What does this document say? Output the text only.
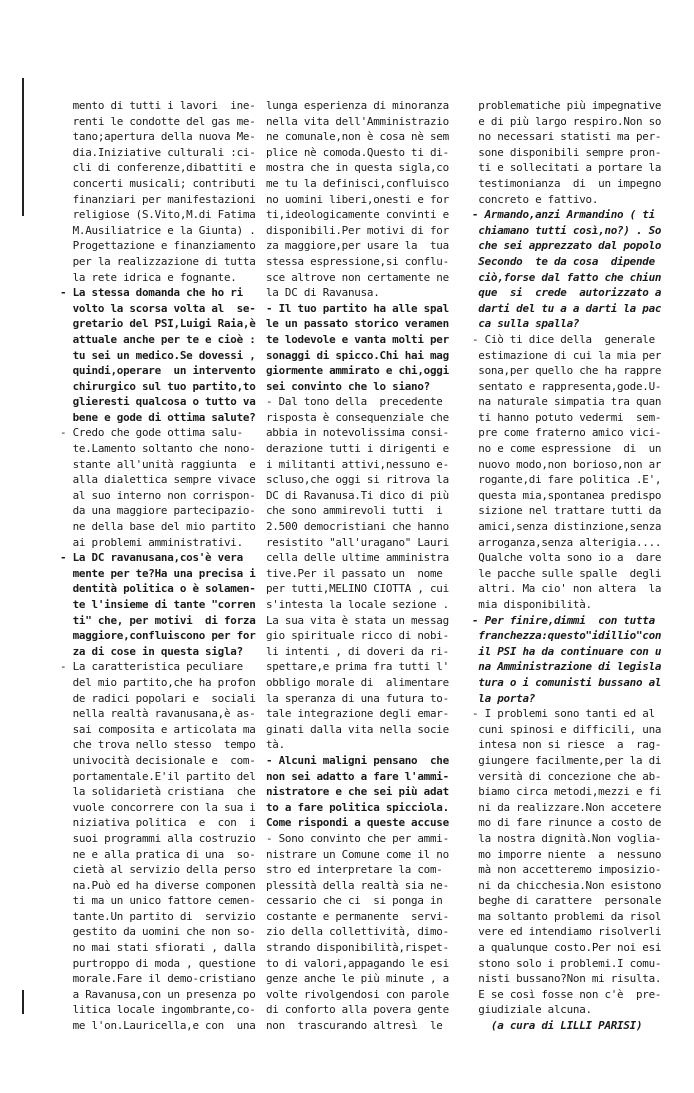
mento di tutti i lavori  ine-
renti le condotte del gas me-
tano;apertura della nuova Me-
dia.Iniziative culturali :ci-
cli di conferenze,dibattiti e
concerti musicali; contributi
finanziari per manifestazioni
religiose (S.Vito,M.di Fatima
M.Ausiliatrice e la Giunta) .
Progettazione e finanziamento
per la realizzazione di tutta
la rete idrica e fognante.
- La stessa domanda che ho ri
volto la scorsa volta al  se-
gretario del PSI,Luigi Raia,è
attuale anche per te e cioè :
tu sei un medico.Se dovessi ,
quindi,operare  un intervento
chirurgico sul tuo partito,to
glieresti qualcosa o tutto va
bene e gode di ottima salute?
- Credo che gode ottima salu-
te.Lamento soltanto che nono-
stante all'unità raggiunta  e
alla dialettica sempre vivace
al suo interno non corrispon-
da una maggiore partecipazio-
ne della base del mio partito
ai problemi amministrativi.
- La DC ravanusana,cos'è vera
mente per te?Ha una precisa i
dentità politica o è solamen-
te l'insieme di tante "corren
ti" che, per motivi  di forza
maggiore,confluiscono per for
za di cose in questa sigla?
- La caratteristica peculiare
del mio partito,che ha profon
de radici popolari e  sociali
nella realtà ravanusana,è as-
sai composita e articolata ma
che trova nello stesso  tempo
univocità decisionale e  com-
portamentale.E'il partito del
la solidarietà cristiana  che
vuole concorrere con la sua i
niziativa politica  e  con  i
suoi programmi alla costruzio
ne e alla pratica di una  so-
cietà al servizio della perso
na.Può ed ha diverse componen
ti ma un unico fattore cemen-
tante.Un partito di  servizio
gestito da uomini che non so-
no mai stati sfiorati , dalla
purtroppo di moda , questione
morale.Fare il demo-cristiano
a Ravanusa,con un presenza po
litica locale ingombrante,co-
me l'on.Lauricella,e con  una
lunga esperienza di minoranza
nella vita dell'Amministrazio
ne comunale,non è cosa nè sem
plice nè comoda.Questo ti di-
mostra che in questa sigla,co
me tu la definisci,confluisco
no uomini liberi,onesti e for
ti,ideologicamente convinti e
disponibili.Per motivi di for
za maggiore,per usare la  tua
stessa espressione,si conflu-
sce altrove non certamente ne
la DC di Ravanusa.
- Il tuo partito ha alle spal
le un passato storico veramen
te lodevole e vanta molti per
sonaggi di spicco.Chi hai mag
giormente ammirato e chi,oggi
sei convinto che lo siano?
- Dal tono della  precedente
risposta è consequenziale che
abbia in notevolissima consi-
derazione tutti i dirigenti e
i militanti attivi,nessuno e-
scluso,che oggi si ritrova la
DC di Ravanusa.Ti dico di più
che sono ammirevoli tutti  i
2.500 democristiani che hanno
resistito "all'uragano" Lauri
cella delle ultime amministra
tive.Per il passato un  nome
per tutti,MELINO CIOTTA , cui
s'intesta la locale sezione .
La sua vita è stata un messag
gio spirituale ricco di nobi-
li intenti , di doveri da ri-
spettare,e prima fra tutti l'
obbligo morale di  alimentare
la speranza di una futura to-
tale integrazione degli emar-
ginati dalla vita nella socie
tà.
- Alcuni maligni pensano  che
non sei adatto a fare l'ammi-
nistratore e che sei più adat
to a fare politica spicciola.
Come rispondi a queste accuse
- Sono convinto che per ammi-
nistrare un Comune come il no
stro ed interpretare la com-
plessità della realtà sia ne-
cessario che ci  si ponga in
costante e permanente  servi-
zio della collettività, dimo-
strando disponibilità,rispet-
to di valori,appagando le esi
genze anche le più minute , a
volte rivolgendosi con parole
di conforto alla povera gente
non  trascurando altresì  le
problematiche più impegnative
e di più largo respiro.Non so
no necessari statisti ma per-
sone disponibili sempre pron-
ti e sollecitati a portare la
testimonianza  di  un impegno
concreto e fattivo.
- Armando,anzi Armandino ( ti
chiamano tutti così,no?) . So
che sei apprezzato dal popolo
Secondo  te da cosa  dipende
ciò,forse dal fatto che chiun
que  si  crede  autorizzato a
darti del tu a a darti la pac
ca sulla spalla?
- Ciò ti dice della  generale
estimazione di cui la mia per
sona,per quello che ha rappre
sentato e rappresenta,gode.U-
na naturale simpatia tra quan
ti hanno potuto vedermi  sem-
pre come fraterno amico vici-
no e come espressione  di  un
nuovo modo,non borioso,non ar
rogante,di fare politica .E',
questa mia,spontanea predispo
sizione nel trattare tutti da
amici,senza distinzione,senza
arroganza,senza alterigia....
Qualche volta sono io a  dare
le pacche sulle spalle  degli
altri. Ma cio' non altera  la
mia disponibilità.
- Per finire,dimmi  con tutta
franchezza:questo"idillio"con
il PSI ha da continuare con u
na Amministrazione di legisla
tura o i comunisti bussano al
la porta?
- I problemi sono tanti ed al
cuni spinosi e difficili, una
intesa non si riesce  a  rag-
giungere facilmente,per la di
versità di concezione che ab-
biamo circa metodi,mezzi e fi
ni da realizzare.Non accetere
mo di fare rinunce a costo de
la nostra dignità.Non voglia-
mo imporre niente  a  nessuno
mà non accetteremo imposizio-
ni da chicchesia.Non esistono
beghe di carattere  personale
ma soltanto problemi da risol
vere ed intendiamo risolverli
a qualunque costo.Per noi esi
stono solo i problemi.I comu-
nisti bussano?Non mi risulta.
E se così fosse non c'è  pre-
giudiziale alcuna.
(a cura di LILLI PARISI)
